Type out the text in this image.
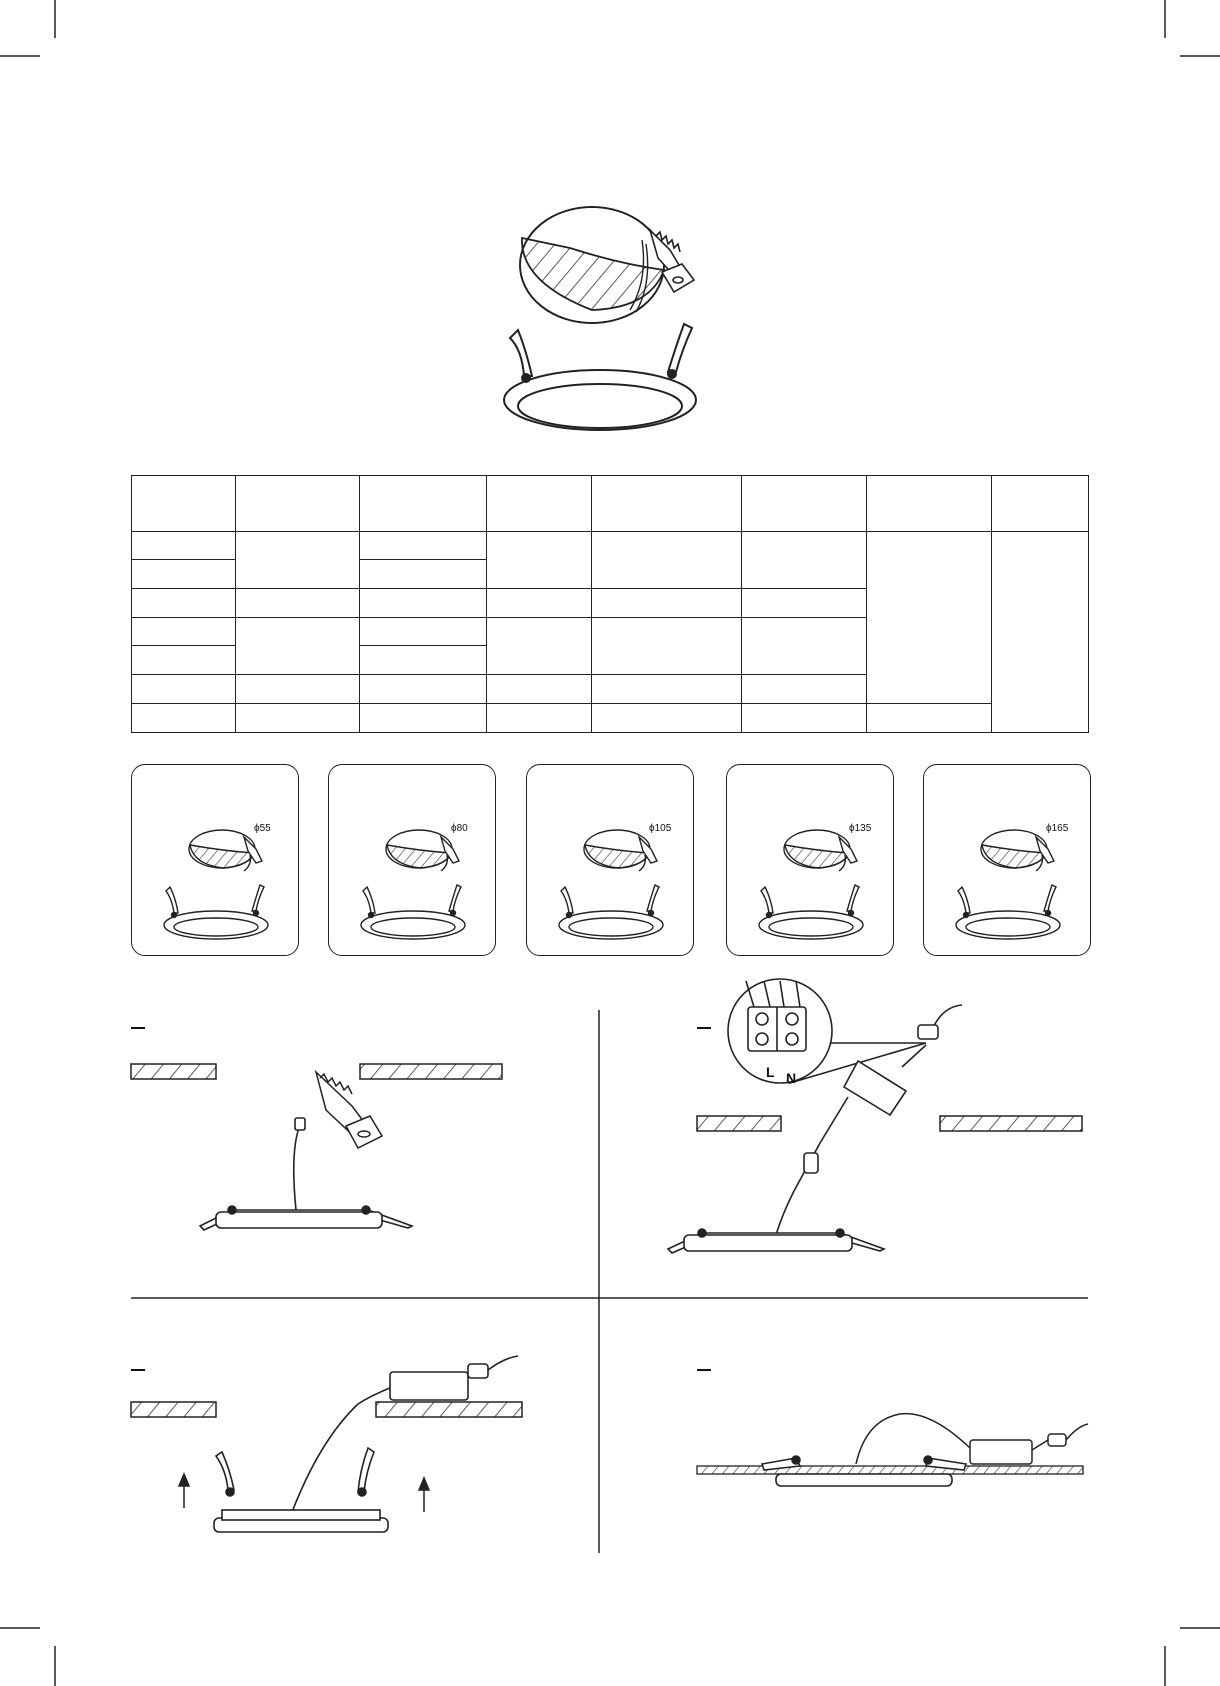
ϕ55	ϕ80	ϕ105	ϕ135	ϕ165
L N
